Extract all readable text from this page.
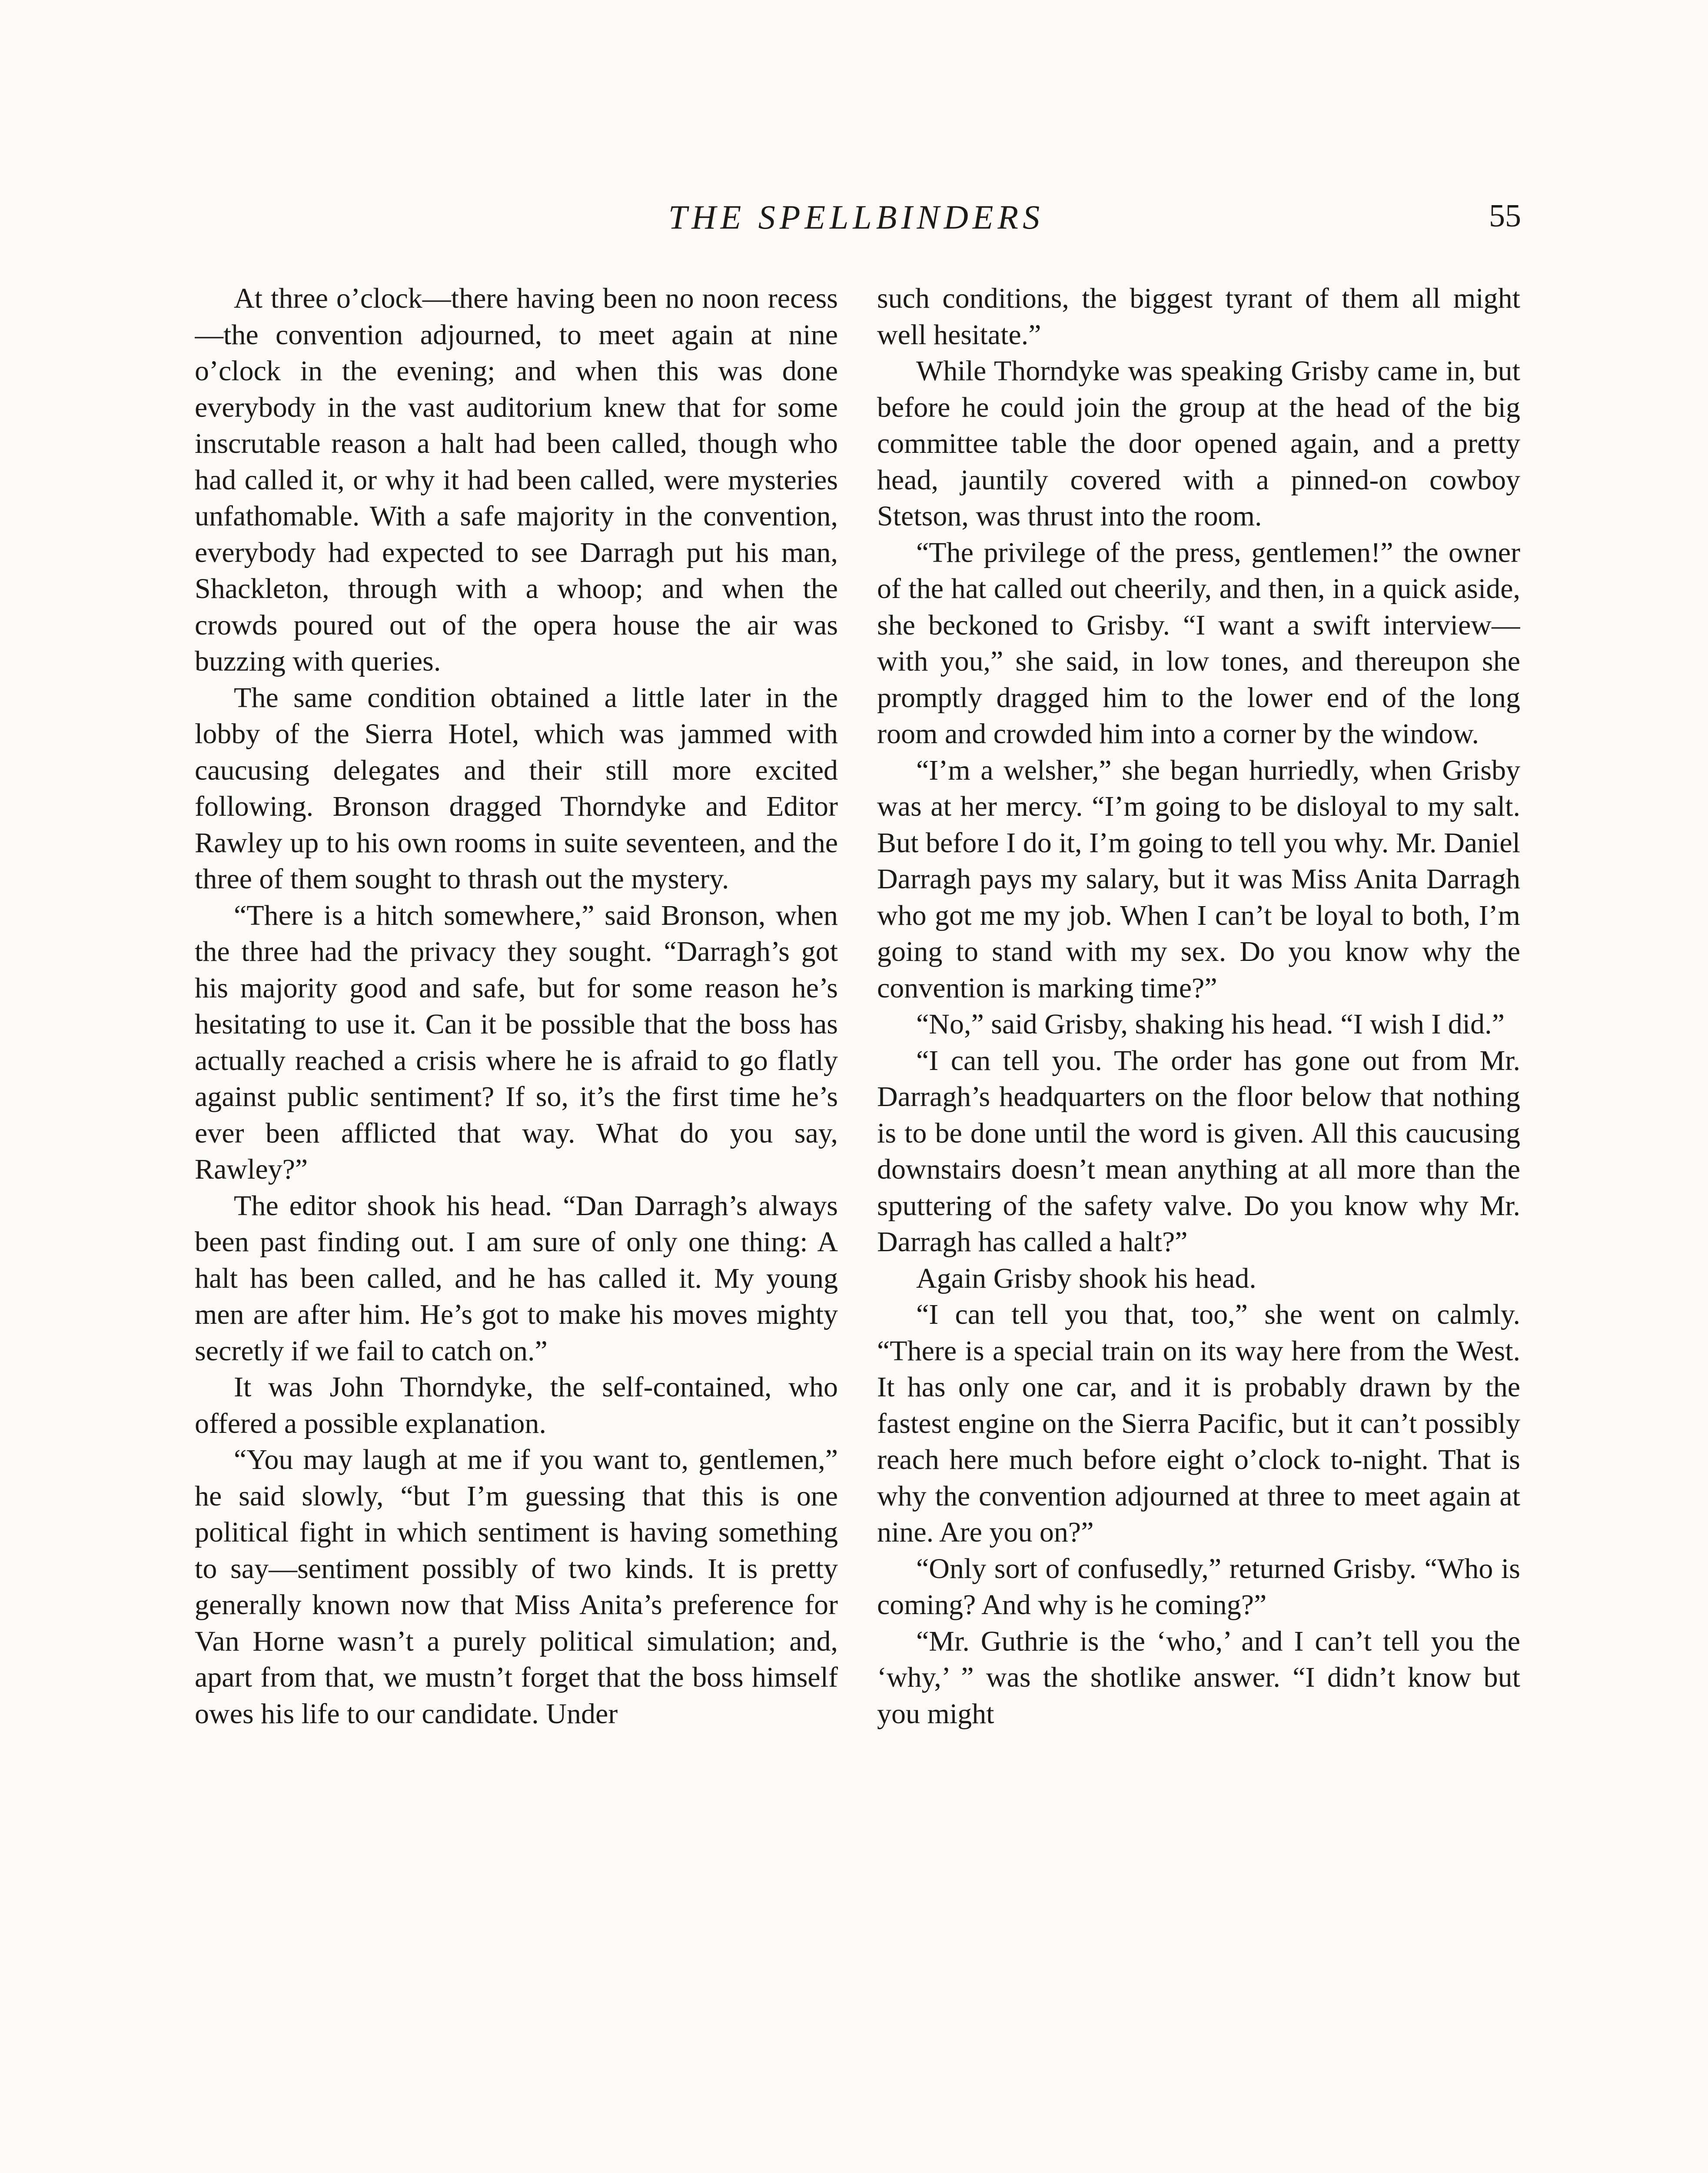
THE SPELLBINDERS	55

At three o’clock—there having been no noon recess—the convention adjourned, to meet again at nine o’clock in the evening; and when this was done everybody in the vast auditorium knew that for some inscrutable reason a halt had been called, though who had called it, or why it had been called, were mysteries unfathomable. With a safe majority in the convention, everybody had expected to see Darragh put his man, Shackleton, through with a whoop; and when the crowds poured out of the opera house the air was buzzing with queries.

The same condition obtained a little later in the lobby of the Sierra Hotel, which was jammed with caucusing delegates and their still more excited following. Bronson dragged Thorndyke and Editor Rawley up to his own rooms in suite seventeen, and the three of them sought to thrash out the mystery.

“There is a hitch somewhere,” said Bronson, when the three had the privacy they sought. “Darragh’s got his majority good and safe, but for some reason he’s hesitating to use it. Can it be possible that the boss has actually reached a crisis where he is afraid to go flatly against public sentiment? If so, it’s the first time he’s ever been afflicted that way. What do you say, Rawley?”

The editor shook his head. “Dan Darragh’s always been past finding out. I am sure of only one thing: A halt has been called, and he has called it. My young men are after him. He’s got to make his moves mighty secretly if we fail to catch on.”

It was John Thorndyke, the self-contained, who offered a possible explanation.

“You may laugh at me if you want to, gentlemen,” he said slowly, “but I’m guessing that this is one political fight in which sentiment is having something to say—sentiment possibly of two kinds. It is pretty generally known now that Miss Anita’s preference for Van Horne wasn’t a purely political simulation; and, apart from that, we mustn’t forget that the boss himself owes his life to our candidate. Under

such conditions, the biggest tyrant of them all might well hesitate.”

While Thorndyke was speaking Grisby came in, but before he could join the group at the head of the big committee table the door opened again, and a pretty head, jauntily covered with a pinned-on cowboy Stetson, was thrust into the room.

“The privilege of the press, gentlemen!” the owner of the hat called out cheerily, and then, in a quick aside, she beckoned to Grisby. “I want a swift interview—with you,” she said, in low tones, and thereupon she promptly dragged him to the lower end of the long room and crowded him into a corner by the window.

“I’m a welsher,” she began hurriedly, when Grisby was at her mercy. “I’m going to be disloyal to my salt. But before I do it, I’m going to tell you why. Mr. Daniel Darragh pays my salary, but it was Miss Anita Darragh who got me my job. When I can’t be loyal to both, I’m going to stand with my sex. Do you know why the convention is marking time?”

“No,” said Grisby, shaking his head. “I wish I did.”

“I can tell you. The order has gone out from Mr. Darragh’s headquarters on the floor below that nothing is to be done until the word is given. All this caucusing downstairs doesn’t mean anything at all more than the sputtering of the safety valve. Do you know why Mr. Darragh has called a halt?”

Again Grisby shook his head.

“I can tell you that, too,” she went on calmly. “There is a special train on its way here from the West. It has only one car, and it is probably drawn by the fastest engine on the Sierra Pacific, but it can’t possibly reach here much before eight o’clock to-night. That is why the convention adjourned at three to meet again at nine. Are you on?”

“Only sort of confusedly,” returned Grisby. “Who is coming? And why is he coming?”

“Mr. Guthrie is the ‘who,’ and I can’t tell you the ‘why,’ ” was the shotlike answer. “I didn’t know but you might
